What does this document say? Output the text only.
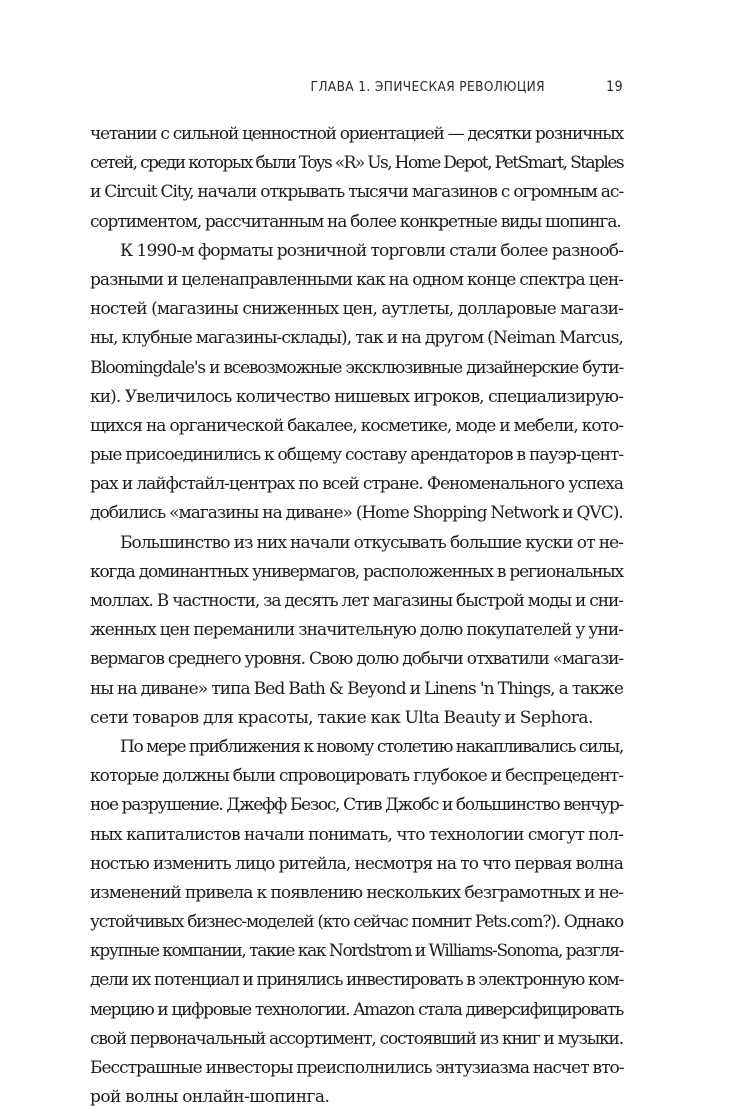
ГЛАВА 1. ЭПИЧЕСКАЯ РЕВОЛЮЦИЯ	19
четании с сильной ценностной ориентацией — десятки розничных
сетей, среди которых были Toys «R» Us, Home Depot, PetSmart, Staples
и Circuit City, начали открывать тысячи магазинов с огромным ас-
сортиментом, рассчитанным на более конкретные виды шопинга.
К 1990-м форматы розничной торговли стали более разнооб-
разными и целенаправленными как на одном конце спектра цен-
ностей (магазины сниженных цен, аутлеты, долларовые магази-
ны, клубные магазины-склады), так и на другом (Neiman Marcus,
Bloomingdale's и всевозможные эксклюзивные дизайнерские бути-
ки). Увеличилось количество нишевых игроков, специализирую-
щихся на органической бакалее, косметике, моде и мебели, кото-
рые присоединились к общему составу арендаторов в пауэр-цент-
рах и лайфстайл-центрах по всей стране. Феноменального успеха
добились «магазины на диване» (Home Shopping Network и QVC).
Большинство из них начали откусывать большие куски от не-
когда доминантных универмагов, расположенных в региональных
моллах. В частности, за десять лет магазины быстрой моды и сни-
женных цен переманили значительную долю покупателей у уни-
вермагов среднего уровня. Свою долю добычи отхватили «магази-
ны на диване» типа Bed Bath & Beyond и Linens 'n Things, а также
сети товаров для красоты, такие как Ulta Beauty и Sephora.
По мере приближения к новому столетию накапливались силы,
которые должны были спровоцировать глубокое и беспрецедент-
ное разрушение. Джефф Безос, Стив Джобс и большинство венчур-
ных капиталистов начали понимать, что технологии смогут пол-
ностью изменить лицо ритейла, несмотря на то что первая волна
изменений привела к появлению нескольких безграмотных и не-
устойчивых бизнес-моделей (кто сейчас помнит Pets.com?). Однако
крупные компании, такие как Nordstrom и Williams-Sonoma, разгля-
дели их потенциал и принялись инвестировать в электронную ком-
мерцию и цифровые технологии. Amazon стала диверсифицировать
свой первоначальный ассортимент, состоявший из книг и музыки.
Бесстрашные инвесторы преисполнились энтузиазма насчет вто-
рой волны онлайн-шопинга.
